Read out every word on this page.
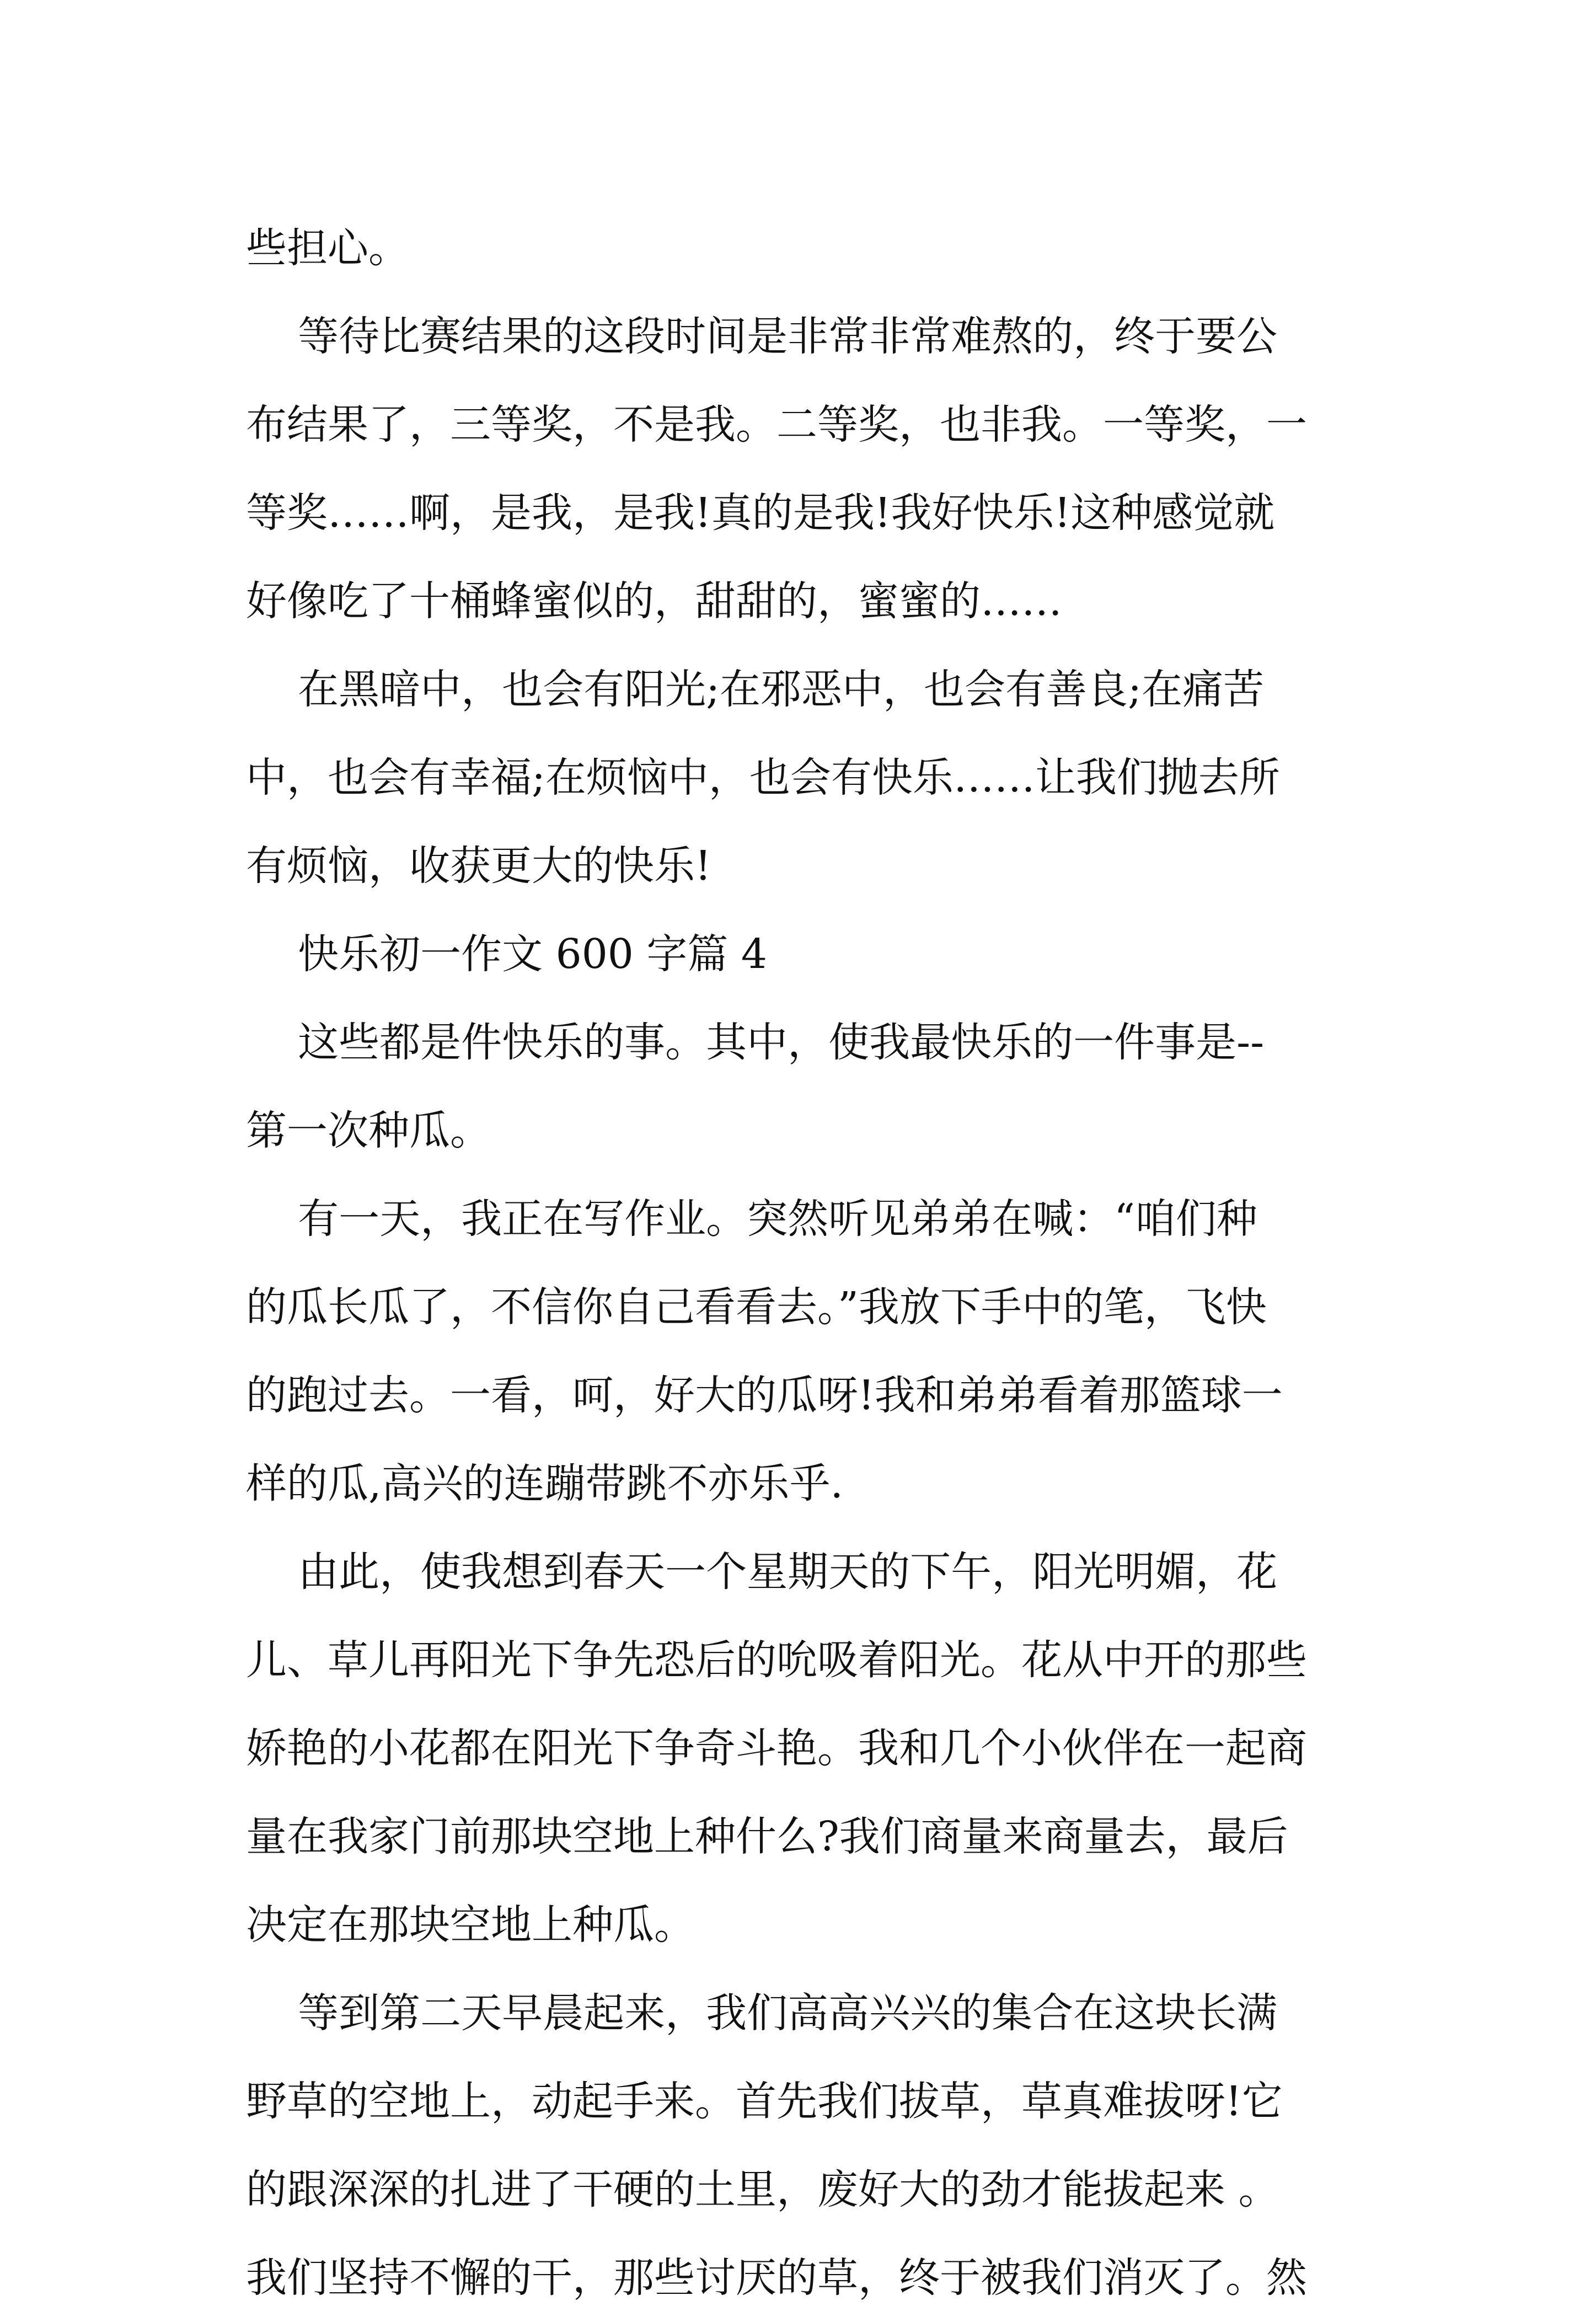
些担心。
等待比赛结果的这段时间是非常非常难熬的，终于要公
布结果了，三等奖，不是我。二等奖，也非我。一等奖，一
等奖……啊，是我，是我!真的是我!我好快乐!这种感觉就
好像吃了十桶蜂蜜似的，甜甜的，蜜蜜的……
在黑暗中，也会有阳光;在邪恶中，也会有善良;在痛苦
中，也会有幸福;在烦恼中，也会有快乐……让我们抛去所
有烦恼，收获更大的快乐!
快乐初一作文 600 字篇 4
这些都是件快乐的事。其中，使我最快乐的一件事是--
第一次种瓜。
有一天，我正在写作业。突然听见弟弟在喊：“咱们种
的瓜长瓜了，不信你自己看看去。”我放下手中的笔，飞快
的跑过去。一看，呵，好大的瓜呀!我和弟弟看着那篮球一
样的瓜,高兴的连蹦带跳不亦乐乎.
由此，使我想到春天一个星期天的下午，阳光明媚，花
儿、草儿再阳光下争先恐后的吮吸着阳光。花从中开的那些
娇艳的小花都在阳光下争奇斗艳。我和几个小伙伴在一起商
量在我家门前那块空地上种什么?我们商量来商量去，最后
决定在那块空地上种瓜。
等到第二天早晨起来，我们高高兴兴的集合在这块长满
野草的空地上，动起手来。首先我们拔草，草真难拔呀!它
的跟深深的扎进了干硬的土里，废好大的劲才能拔起来 。
我们坚持不懈的干，那些讨厌的草，终于被我们消灭了。然
